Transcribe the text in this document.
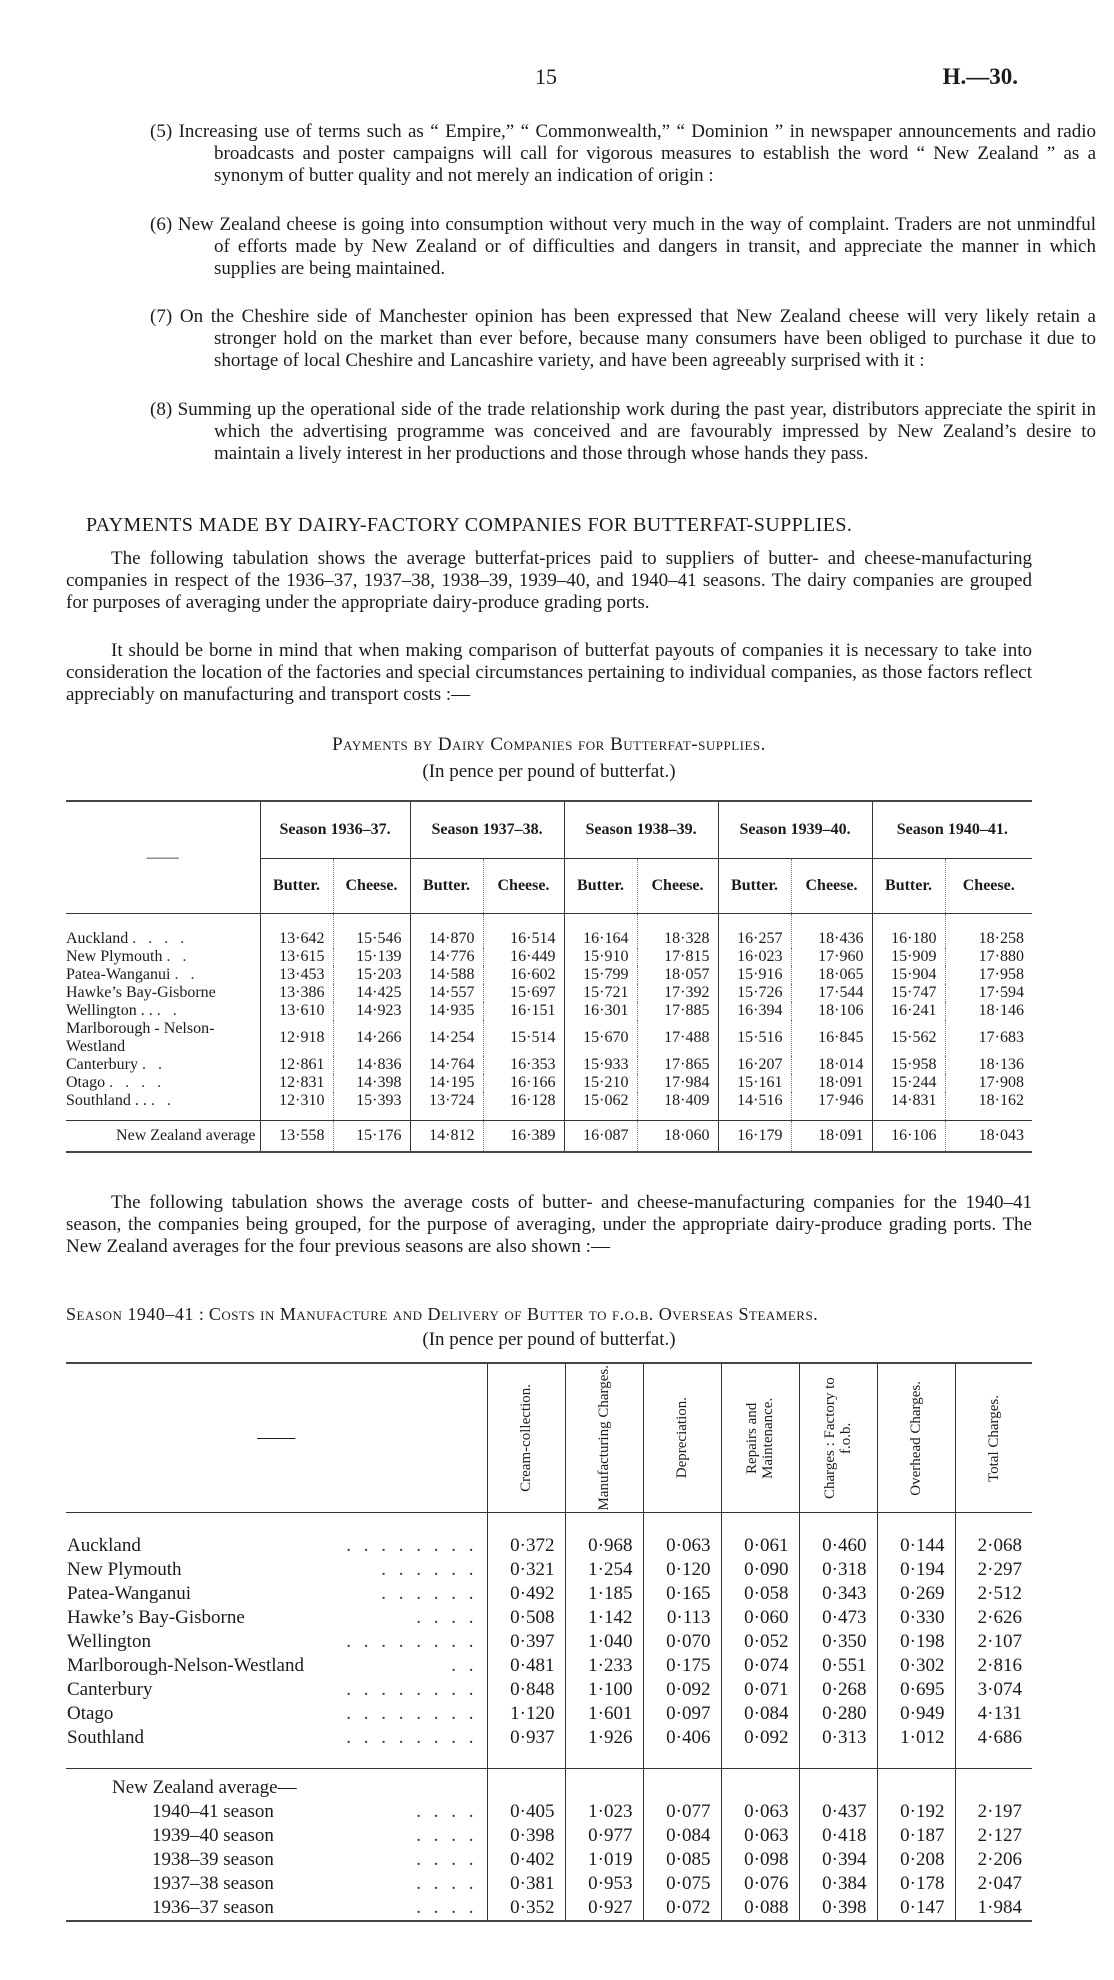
15	H.—30.

(5) Increasing use of terms such as “ Empire,” “ Commonwealth,” “ Dominion ” in newspaper announcements and radio broadcasts and poster campaigns will call for vigorous measures to establish the word “ New Zealand ” as a synonym of butter quality and not merely an indication of origin :

(6) New Zealand cheese is going into consumption without very much in the way of complaint. Traders are not unmindful of efforts made by New Zealand or of difficulties and dangers in transit, and appreciate the manner in which supplies are being maintained.

(7) On the Cheshire side of Manchester opinion has been expressed that New Zealand cheese will very likely retain a stronger hold on the market than ever before, because many consumers have been obliged to purchase it due to shortage of local Cheshire and Lancashire variety, and have been agreeably surprised with it :

(8) Summing up the operational side of the trade relationship work during the past year, distributors appreciate the spirit in which the advertising programme was conceived and are favourably impressed by New Zealand’s desire to maintain a lively interest in her productions and those through whose hands they pass.

PAYMENTS MADE BY DAIRY-FACTORY COMPANIES FOR BUTTERFAT-SUPPLIES.

The following tabulation shows the average butterfat-prices paid to suppliers of butter- and cheese-manufacturing companies in respect of the 1936–37, 1937–38, 1938–39, 1939–40, and 1940–41 seasons. The dairy companies are grouped for purposes of averaging under the appropriate dairy-produce grading ports.

It should be borne in mind that when making comparison of butterfat payouts of companies it is necessary to take into consideration the location of the factories and special circumstances pertaining to individual companies, as those factors reflect appreciably on manufacturing and transport costs :—

Payments by Dairy Companies for Butterfat-supplies.

(In pence per pound of butterfat.)

——	Season 1936–37.		Season 1937–38.		Season 1938–39.		Season 1939–40.		Season 1940–41.	
	Butter.	Cheese.	Butter.	Cheese.	Butter.	Cheese.	Butter.	Cheese.	Butter.	Cheese.
Auckland . . . .	13·642	15·546	14·870	16·514	16·164	18·328	16·257	18·436	16·180	18·258
New Plymouth . .	13·615	15·139	14·776	16·449	15·910	17·815	16·023	17·960	15·909	17·880
Patea-Wanganui . .	13·453	15·203	14·588	16·602	15·799	18·057	15·916	18·065	15·904	17·958
Hawke’s Bay-Gisborne	13·386	14·425	14·557	15·697	15·721	17·392	15·726	17·544	15·747	17·594
Wellington . . . .	13·610	14·923	14·935	16·151	16·301	17·885	16·394	18·106	16·241	18·146
Marlborough - Nelson-Westland	12·918	14·266	14·254	15·514	15·670	17·488	15·516	16·845	15·562	17·683
Canterbury . .	12·861	14·836	14·764	16·353	15·933	17·865	16·207	18·014	15·958	18·136
Otago . . . .	12·831	14·398	14·195	16·166	15·210	17·984	15·161	18·091	15·244	17·908
Southland . . . .	12·310	15·393	13·724	16·128	15·062	18·409	14·516	17·946	14·831	18·162
New Zealand average	13·558	15·176	14·812	16·389	16·087	18·060	16·179	18·091	16·106	18·043

The following tabulation shows the average costs of butter- and cheese-manufacturing companies for the 1940–41 season, the companies being grouped, for the purpose of averaging, under the appropriate dairy-produce grading ports. The New Zealand averages for the four previous seasons are also shown :—

Season 1940–41 : Costs in Manufacture and Delivery of Butter to f.o.b. Overseas Steamers.

(In pence per pound of butterfat.)

——	Cream-collection.	Manufacturing Charges.	Depreciation.	Repairs and Maintenance.	Charges : Factory to f.o.b.	Overhead Charges.	Total Charges.

Auckland . . . . . . . .	0·372	0·968	0·063	0·061	0·460	0·144	2·068
New Plymouth . . . . . .	0·321	1·254	0·120	0·090	0·318	0·194	2·297
Patea-Wanganui . . . . . .	0·492	1·185	0·165	0·058	0·343	0·269	2·512
Hawke’s Bay-Gisborne . . . .	0·508	1·142	0·113	0·060	0·473	0·330	2·626
Wellington . . . . . . . .	0·397	1·040	0·070	0·052	0·350	0·198	2·107
Marlborough-Nelson-Westland . .	0·481	1·233	0·175	0·074	0·551	0·302	2·816
Canterbury . . . . . . . .	0·848	1·100	0·092	0·071	0·268	0·695	3·074
Otago . . . . . . . .	1·120	1·601	0·097	0·084	0·280	0·949	4·131
Southland . . . . . . . .	0·937	1·926	0·406	0·092	0·313	1·012	4·686

New Zealand average—							
1940–41 season . . . .	0·405	1·023	0·077	0·063	0·437	0·192	2·197
1939–40 season . . . .	0·398	0·977	0·084	0·063	0·418	0·187	2·127
1938–39 season . . . .	0·402	1·019	0·085	0·098	0·394	0·208	2·206
1937–38 season . . . .	0·381	0·953	0·075	0·076	0·384	0·178	2·047
1936–37 season . . . .	0·352	0·927	0·072	0·088	0·398	0·147	1·984
